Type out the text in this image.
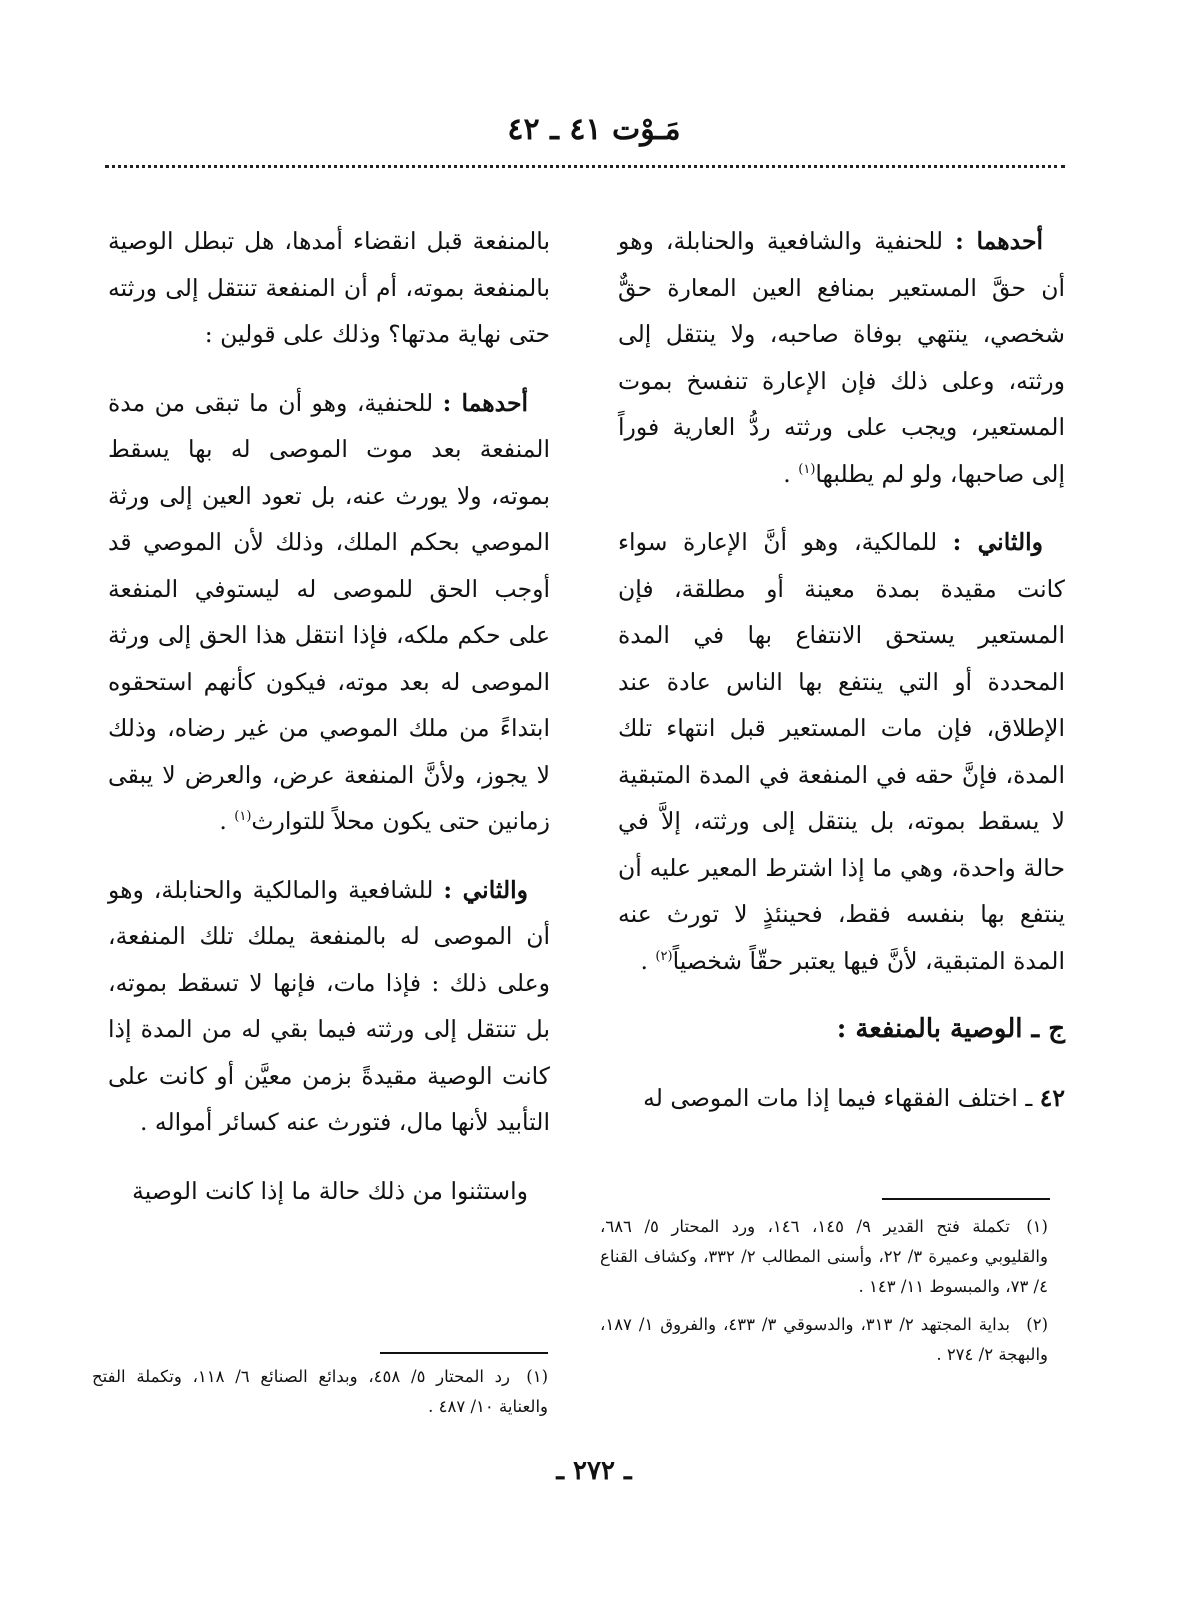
مَـوْت ٤١ ـ ٤٢

أحدهما : للحنفية والشافعية والحنابلة، وهو أن حقَّ المستعير بمنافع العين المعارة حقٌّ شخصي، ينتهي بوفاة صاحبه، ولا ينتقل إلى ورثته، وعلى ذلك فإن الإعارة تنفسخ بموت المستعير، ويجب على ورثته ردُّ العارية فوراً إلى صاحبها، ولو لم يطلبها$^{(١)}$ .

والثاني : للمالكية، وهو أنَّ الإعارة سواء كانت مقيدة بمدة معينة أو مطلقة، فإن المستعير يستحق الانتفاع بها في المدة المحددة أو التي ينتفع بها الناس عادة عند الإطلاق، فإن مات المستعير قبل انتهاء تلك المدة، فإنَّ حقه في المنفعة في المدة المتبقية لا يسقط بموته، بل ينتقل إلى ورثته، إلاَّ في حالة واحدة، وهي ما إذا اشترط المعير عليه أن ينتفع بها بنفسه فقط، فحينئذٍ لا تورث عنه المدة المتبقية، لأنَّ فيها يعتبر حقّاً شخصياً$^{(٢)}$ .

ج ـ الوصية بالمنفعة :

٤٢ ـ اختلف الفقهاء فيما إذا مات الموصى له

بالمنفعة قبل انقضاء أمدها، هل تبطل الوصية بالمنفعة بموته، أم أن المنفعة تنتقل إلى ورثته حتى نهاية مدتها؟ وذلك على قولين :

أحدهما : للحنفية، وهو أن ما تبقى من مدة المنفعة بعد موت الموصى له بها يسقط بموته، ولا يورث عنه، بل تعود العين إلى ورثة الموصي بحكم الملك، وذلك لأن الموصي قد أوجب الحق للموصى له ليستوفي المنفعة على حكم ملكه، فإذا انتقل هذا الحق إلى ورثة الموصى له بعد موته، فيكون كأنهم استحقوه ابتداءً من ملك الموصي من غير رضاه، وذلك لا يجوز، ولأنَّ المنفعة عرض، والعرض لا يبقى زمانين حتى يكون محلاً للتوارث$^{(١)}$ .

والثاني : للشافعية والمالكية والحنابلة، وهو أن الموصى له بالمنفعة يملك تلك المنفعة، وعلى ذلك : فإذا مات، فإنها لا تسقط بموته، بل تنتقل إلى ورثته فيما بقي له من المدة إذا كانت الوصية مقيدةً بزمن معيَّن أو كانت على التأبيد لأنها مال، فتورث عنه كسائر أمواله .

واستثنوا من ذلك حالة ما إذا كانت الوصية

(١)تكملة فتح القدير ٩/ ١٤٥، ١٤٦، ورد المحتار ٥/ ٦٨٦، والقليوبي وعميرة ٣/ ٢٢، وأسنى المطالب ٢/ ٣٣٢، وكشاف القناع ٤/ ٧٣، والمبسوط ١١/ ١٤٣ .
(٢)بداية المجتهد ٢/ ٣١٣، والدسوقي ٣/ ٤٣٣، والفروق ١/ ١٨٧، والبهجة ٢/ ٢٧٤ .
(١)رد المحتار ٥/ ٤٥٨، وبدائع الصنائع ٦/ ١١٨، وتكملة الفتح والعناية ١٠/ ٤٨٧ .
ـ ٢٧٢ ـ
